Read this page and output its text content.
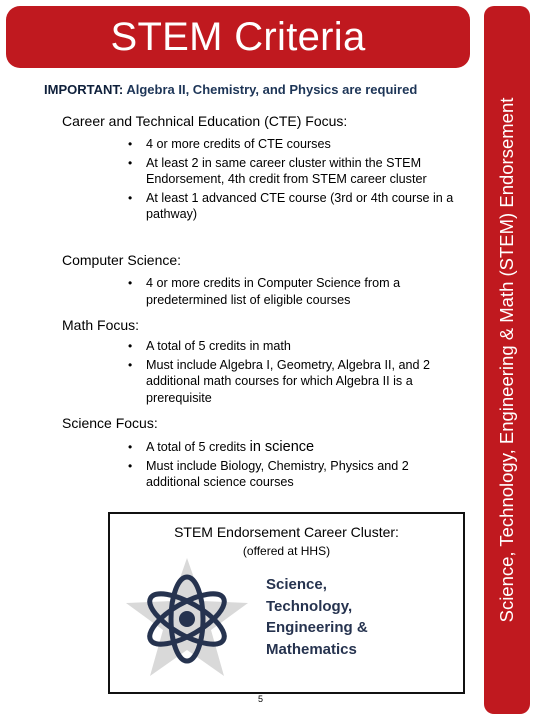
STEM Criteria
Science, Technology, Engineering & Math (STEM) Endorsement
IMPORTANT: Algebra II, Chemistry, and Physics are required
Career and Technical Education (CTE) Focus:
• 4 or more credits of CTE courses
• At least 2 in same career cluster within the STEM Endorsement, 4th credit from STEM career cluster
• At least 1 advanced CTE course (3rd or 4th course in a pathway)
Computer Science:
• 4 or more credits in Computer Science from a predetermined list of eligible courses
Math Focus:
• A total of 5 credits in math
• Must include Algebra I, Geometry, Algebra II, and 2 additional math courses for which Algebra II is a prerequisite
Science Focus:
• A total of 5 credits in science
• Must include Biology, Chemistry, Physics and 2 additional science courses
STEM Endorsement Career Cluster:
(offered at HHS)
Science,
Technology,
Engineering &
Mathematics
5
